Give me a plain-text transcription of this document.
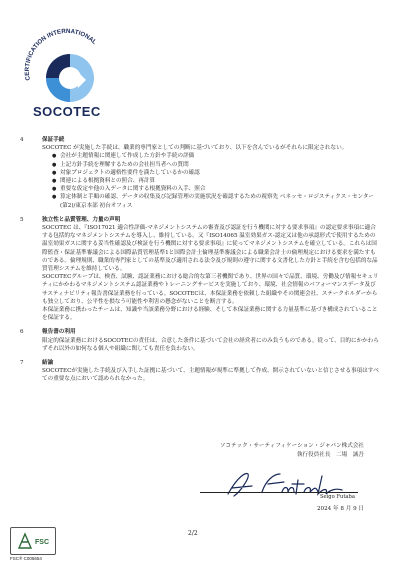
CERTIFICATION INTERNATIONAL
SOCOTEC
4	保証手続
SOCOTEC が実施した手続は、職業的専門家としての判断に基づいており、以下を含んでいるがそれらに限定されない。
● 会社が主題情報に関連して作成した方針や手続の評価
● 上記方針手続を理解するための会社担当者への質問
● 対象プロジェクトの適格性要件を満たしているかの確認
● 関連による根拠資料との照合、再計算
● 重要な仮定や他の入データに関する根拠資料の入手、照合
● 算定体制と手順の確認、データの収集及び記録管理の実施状況を確認するための視察先 ベネッセ・ロジスティクス・センター(第2)/東京本部 初台オフィス
5	独立性と品質管理、力量の声明
SOCOTEC は、『ISO17021 適合性評価-マネジメントシステムの審査及び認証を行う機関に対する要求事項』の認定要求事項に適合する包括的なマネジメントシステムを導入し、維持している。又『ISO14065 温室効果ガス-認定又は他の承認形式で使用するための温室効果ガスに関する妥当性確認及び検証を行う機関に対する要求事項』に従ってマネジメントシステムを確立している。これらは国際監査・保証基準審議会による国際品質管理基準1と国際会計士倫理基準審議会による職業会計士の倫理規定における要求を満たすものである。倫理規則、職業的専門家としての基準及び適用される法令及び規則の遵守に関する文書化した方針と手続を含む包括的な品質管理システムを維持している。
SOCOTECグループは、検査、試験、認証業務における総合的な第三者機関であり、世界の国々で品質、環境、労働及び情報セキュリティにかかわるマネジメントシステム認証業務やトレーニングサービスを実施しており、環境、社会情報のパフォーマンスデータ及びサスティナビリティ報告書保証業務を行っている。SOCOTECは、本保証業務を依頼した組織やその関連会社、ステークホルダーからも独立しており、公平性を損なう可能性や利害の懸念がないことを断言する。
本保証業務に携わったチームは、知識や当該業務分野における経験、そして本保証業務に関する力量基準に基づき構成されていることを保証する。
6	報告書の利用
限定的保証業務におけるSOCOTECの責任は、合意した条件に基づいて会社の経営者にのみ負うものである。従って、目的にかかわらずそれ以外の如何なる個人や組織に関しても責任を負わない。
7	結論
SOCOTECが実施した手続及び入手した証拠に基づいて、主題情報が規準に準拠して作成、開示されていないと信じさせる事項はすべての重要な点において認められなかった。
ソコテック・サーティフィケーション・ジャパン株式会社
執行役員社長　二場　誠吾
Seigo Futaba
2024 年 8 月 9 日
2/2
FSC
FSC® C005654
